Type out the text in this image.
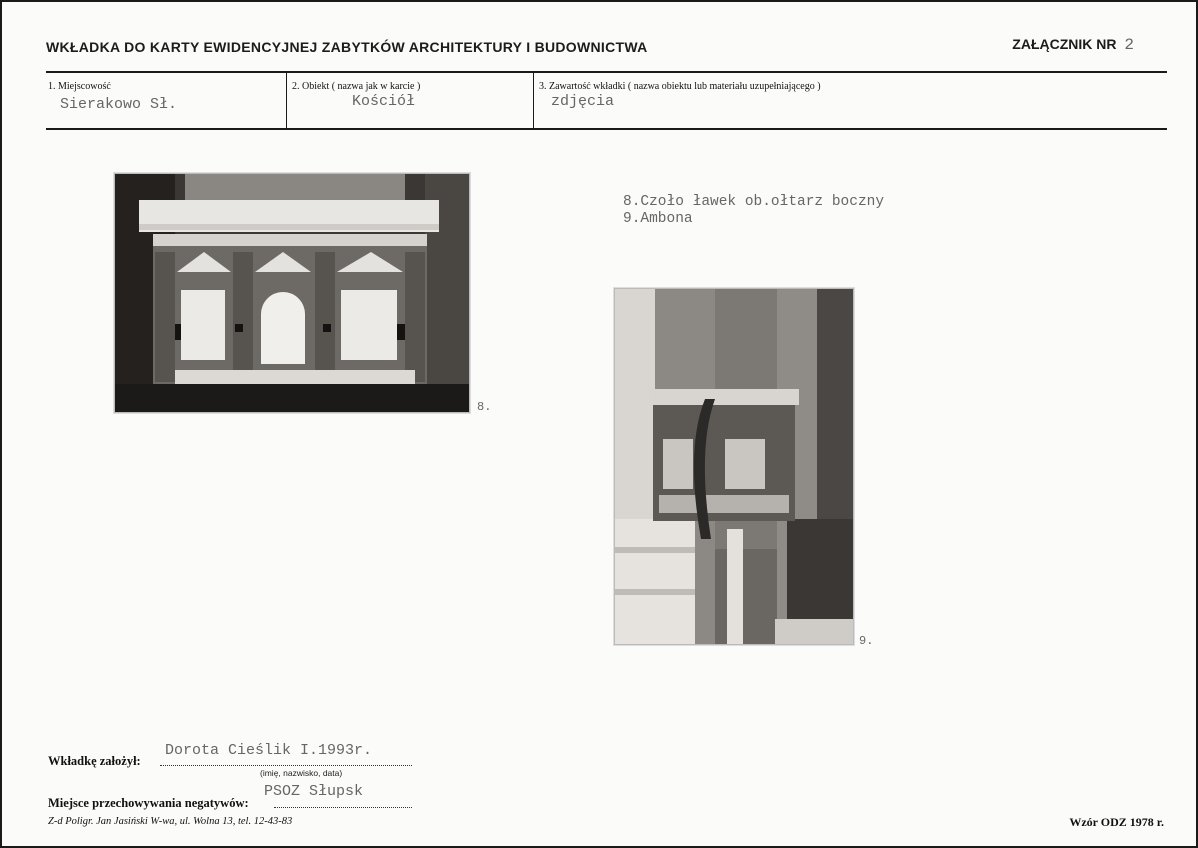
WKŁADKA DO KARTY EWIDENCYJNEJ ZABYTKÓW ARCHITEKTURY I BUDOWNICTWA	ZAŁĄCZNIK NR 2
1. Miejscowość
Sierakowo Sł.
2. Obiekt ( nazwa jak w karcie )
Kościół
3. Zawartość wkładki ( nazwa obiektu lub materiału uzupełniającego )
zdjęcia
8.
8.Czoło ławek ob.ołtarz boczny
9.Ambona
9.
Wkładkę założył:
Dorota Cieślik I.1993r.
(imię, nazwisko, data)
Miejsce przechowywania negatywów:
PSOZ Słupsk
Z-d Poligr. Jan Jasiński W-wa, ul. Wolna 13, tel. 12-43-83	Wzór ODZ 1978 r.
